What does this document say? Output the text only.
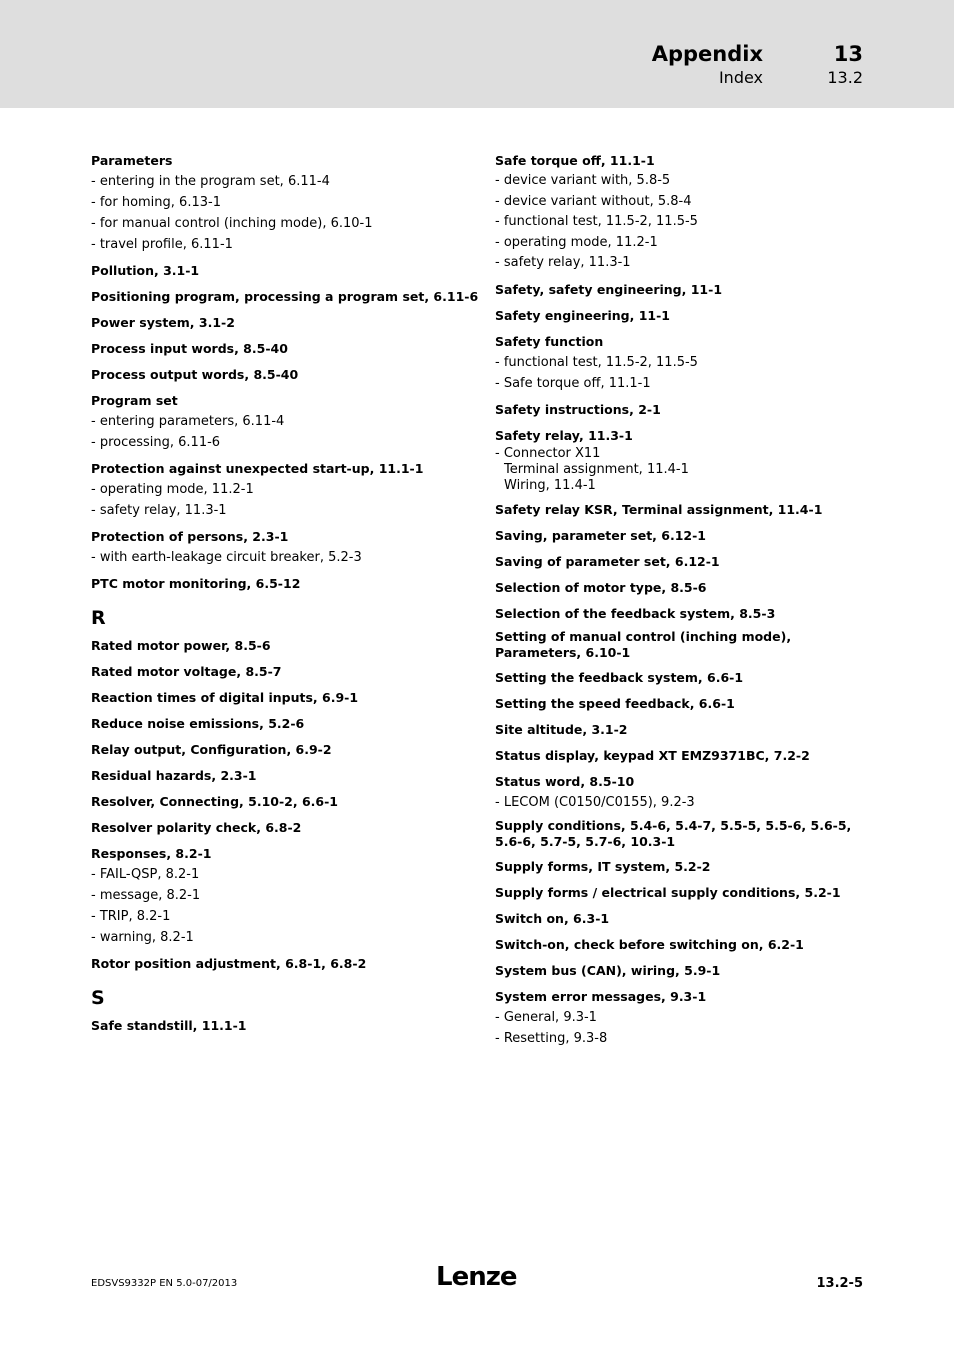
Appendix	13
Index	13.2
Parameters
- entering in the program set, 6.11-4
- for homing, 6.13-1
- for manual control (inching mode), 6.10-1
- travel profile, 6.11-1
Pollution, 3.1-1
Positioning program, processing a program set, 6.11-6
Power system, 3.1-2
Process input words, 8.5-40
Process output words, 8.5-40
Program set
- entering parameters, 6.11-4
- processing, 6.11-6
Protection against unexpected start-up, 11.1-1
- operating mode, 11.2-1
- safety relay, 11.3-1
Protection of persons, 2.3-1
- with earth-leakage circuit breaker, 5.2-3
PTC motor monitoring, 6.5-12
R
Rated motor power, 8.5-6
Rated motor voltage, 8.5-7
Reaction times of digital inputs, 6.9-1
Reduce noise emissions, 5.2-6
Relay output, Configuration, 6.9-2
Residual hazards, 2.3-1
Resolver, Connecting, 5.10-2, 6.6-1
Resolver polarity check, 6.8-2
Responses, 8.2-1
- FAIL-QSP, 8.2-1
- message, 8.2-1
- TRIP, 8.2-1
- warning, 8.2-1
Rotor position adjustment, 6.8-1, 6.8-2
S
Safe standstill, 11.1-1
Safe torque off, 11.1-1
- device variant with, 5.8-5
- device variant without, 5.8-4
- functional test, 11.5-2, 11.5-5
- operating mode, 11.2-1
- safety relay, 11.3-1
Safety, safety engineering, 11-1
Safety engineering, 11-1
Safety function
- functional test, 11.5-2, 11.5-5
- Safe torque off, 11.1-1
Safety instructions, 2-1
Safety relay, 11.3-1
- Connector X11
Terminal assignment, 11.4-1
Wiring, 11.4-1
Safety relay KSR, Terminal assignment, 11.4-1
Saving, parameter set, 6.12-1
Saving of parameter set, 6.12-1
Selection of motor type, 8.5-6
Selection of the feedback system, 8.5-3
Setting of manual control (inching mode), Parameters, 6.10-1
Setting the feedback system, 6.6-1
Setting the speed feedback, 6.6-1
Site altitude, 3.1-2
Status display, keypad XT EMZ9371BC, 7.2-2
Status word, 8.5-10
- LECOM (C0150/C0155), 9.2-3
Supply conditions, 5.4-6, 5.4-7, 5.5-5, 5.5-6, 5.6-5, 5.6-6, 5.7-5, 5.7-6, 10.3-1
Supply forms, IT system, 5.2-2
Supply forms / electrical supply conditions, 5.2-1
Switch on, 6.3-1
Switch-on, check before switching on, 6.2-1
System bus (CAN), wiring, 5.9-1
System error messages, 9.3-1
- General, 9.3-1
- Resetting, 9.3-8
EDSVS9332P EN 5.0-07/2013	Lenze	13.2-5
